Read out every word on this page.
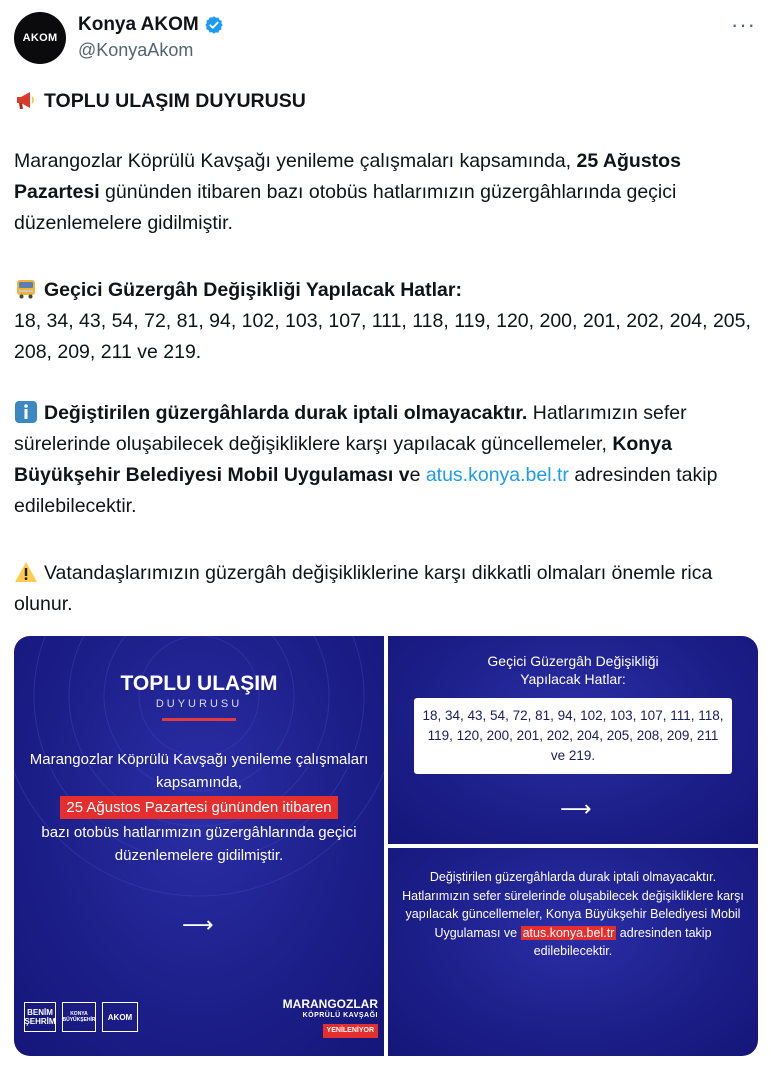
AKOM
Konya AKOM
@KonyaAkom
···
TOPLU ULAŞIM DUYURUSU
Marangozlar Köprülü Kavşağı yenileme çalışmaları kapsamında, 25 Ağustos Pazartesi gününden itibaren bazı otobüs hatlarımızın güzergâhlarında geçici düzenlemelere gidilmiştir.
Geçici Güzergâh Değişikliği Yapılacak Hatlar:
18, 34, 43, 54, 72, 81, 94, 102, 103, 107, 111, 118, 119, 120, 200, 201, 202, 204, 205, 208, 209, 211 ve 219.
Değiştirilen güzergâhlarda durak iptali olmayacaktır. Hatlarımızın sefer sürelerinde oluşabilecek değişikliklere karşı yapılacak güncellemeler, Konya Büyükşehir Belediyesi Mobil Uygulaması ve atus.konya.bel.tr adresinden takip edilebilecektir.
Vatandaşlarımızın güzergâh değişikliklerine karşı dikkatli olmaları önemle rica olunur.
TOPLU ULAŞIM
DUYURUSU
Marangozlar Köprülü Kavşağı yenileme çalışmaları kapsamında,
25 Ağustos Pazartesi gününden itibaren
bazı otobüs hatlarımızın güzergâhlarında geçici düzenlemelere gidilmiştir.
⟶
BENİM ŞEHRİM
KONYA BÜYÜKŞEHİR	AKOM
MARANGOZLAR
KÖPRÜLÜ KAVŞAĞI
YENİLENİYOR
Geçici Güzergâh Değişikliği Yapılacak Hatlar:
18, 34, 43, 54, 72, 81, 94, 102, 103, 107, 111, 118, 119, 120, 200, 201, 202, 204, 205, 208, 209, 211 ve 219.
⟶
Değiştirilen güzergâhlarda durak iptali olmayacaktır. Hatlarımızın sefer sürelerinde oluşabilecek değişikliklere karşı yapılacak güncellemeler, Konya Büyükşehir Belediyesi Mobil Uygulaması ve atus.konya.bel.tr adresinden takip edilebilecektir.
